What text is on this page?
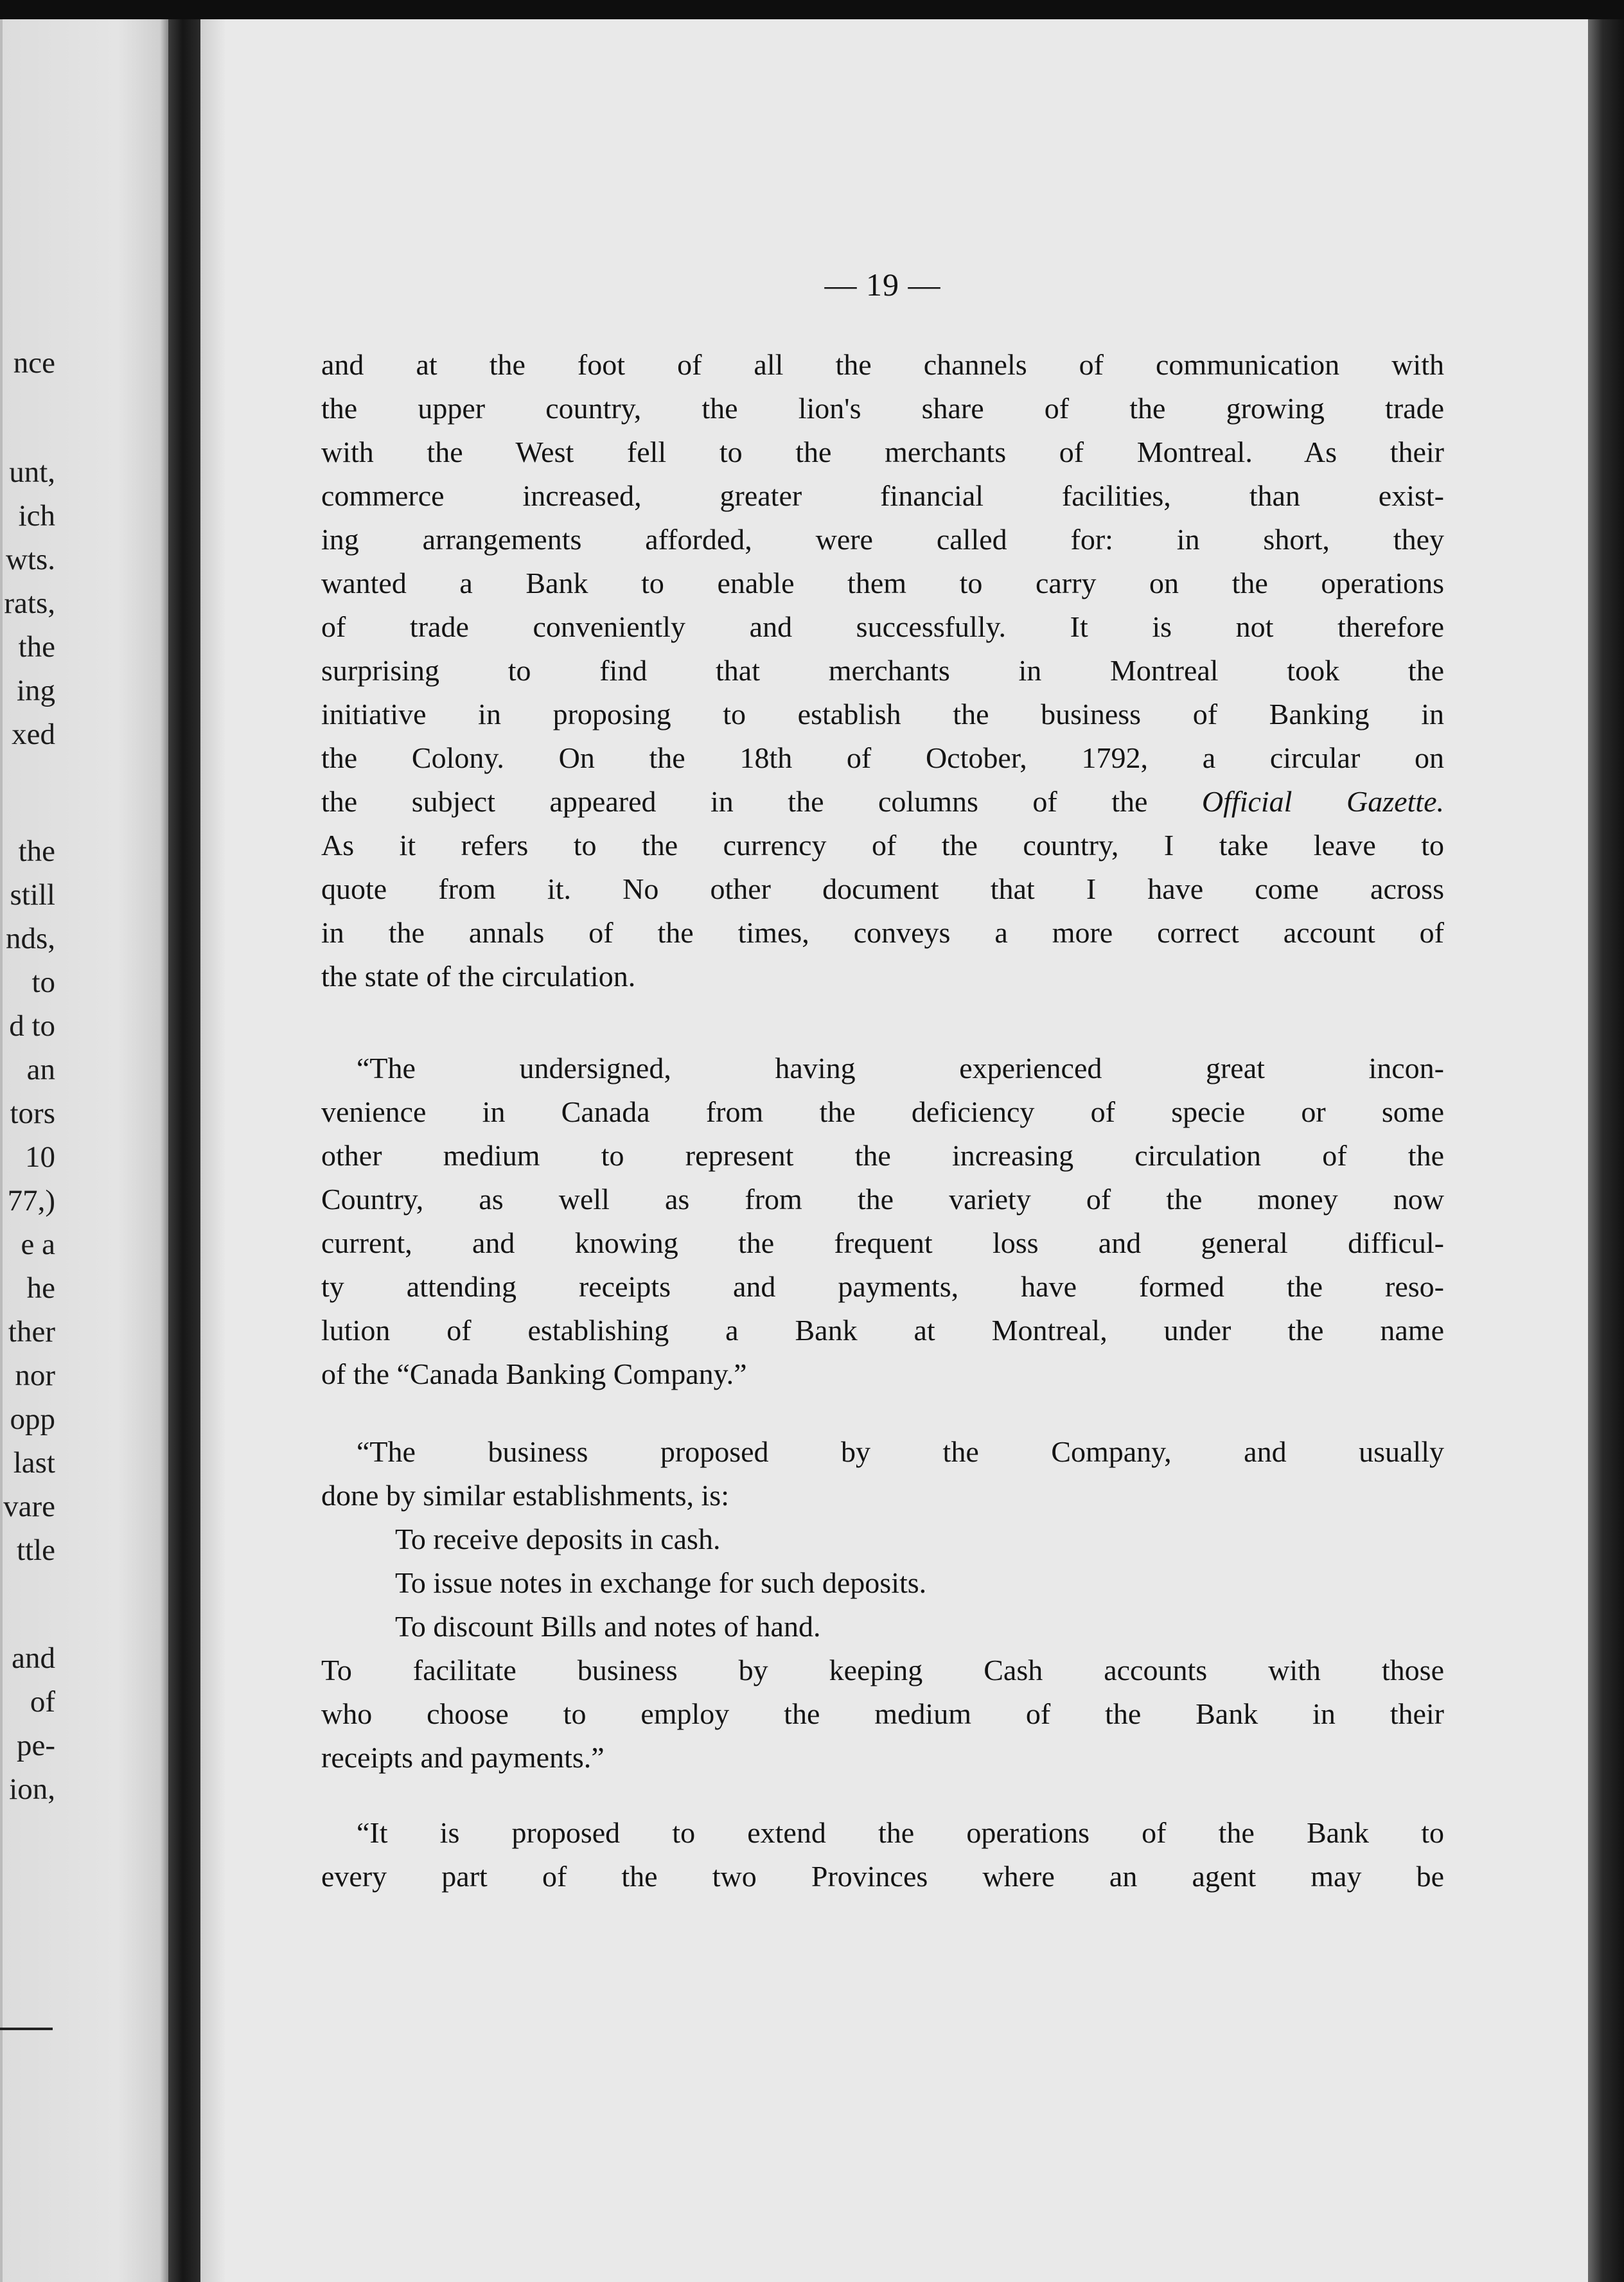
nce
unt,
ich
wts.
rats,
the
ing
xed
the
still
nds,
to
d to
an
tors
10
77,)
e a
he
ther
nor
opp
last
vare
ttle
and
of
pe-
ion,
— 19 —
and at the foot of all the channels of communication with
the upper country, the lion's share of the growing trade
with the West fell to the merchants of Montreal. As their
commerce increased, greater financial facilities, than exist-
ing arrangements afforded, were called for: in short, they
wanted a Bank to enable them to carry on the operations
of trade conveniently and successfully. It is not therefore
surprising to find that merchants in Montreal took the
initiative in proposing to establish the business of Banking in
the Colony. On the 18th of October, 1792, a circular on
the subject appeared in the columns of the Official Gazette.
As it refers to the currency of the country, I take leave to
quote from it. No other document that I have come across
in the annals of the times, conveys a more correct account of
the state of the circulation.
“The undersigned, having experienced great incon-
venience in Canada from the deficiency of specie or some
other medium to represent the increasing circulation of the
Country, as well as from the variety of the money now
current, and knowing the frequent loss and general difficul-
ty attending receipts and payments, have formed the reso-
lution of establishing a Bank at Montreal, under the name
of the “Canada Banking Company.”
“The business proposed by the Company, and usually
done by similar establishments, is:
To receive deposits in cash.
To issue notes in exchange for such deposits.
To discount Bills and notes of hand.
To facilitate business by keeping Cash accounts with those
who choose to employ the medium of the Bank in their
receipts and payments.”
“It is proposed to extend the operations of the Bank to
every part of the two Provinces where an agent may be
